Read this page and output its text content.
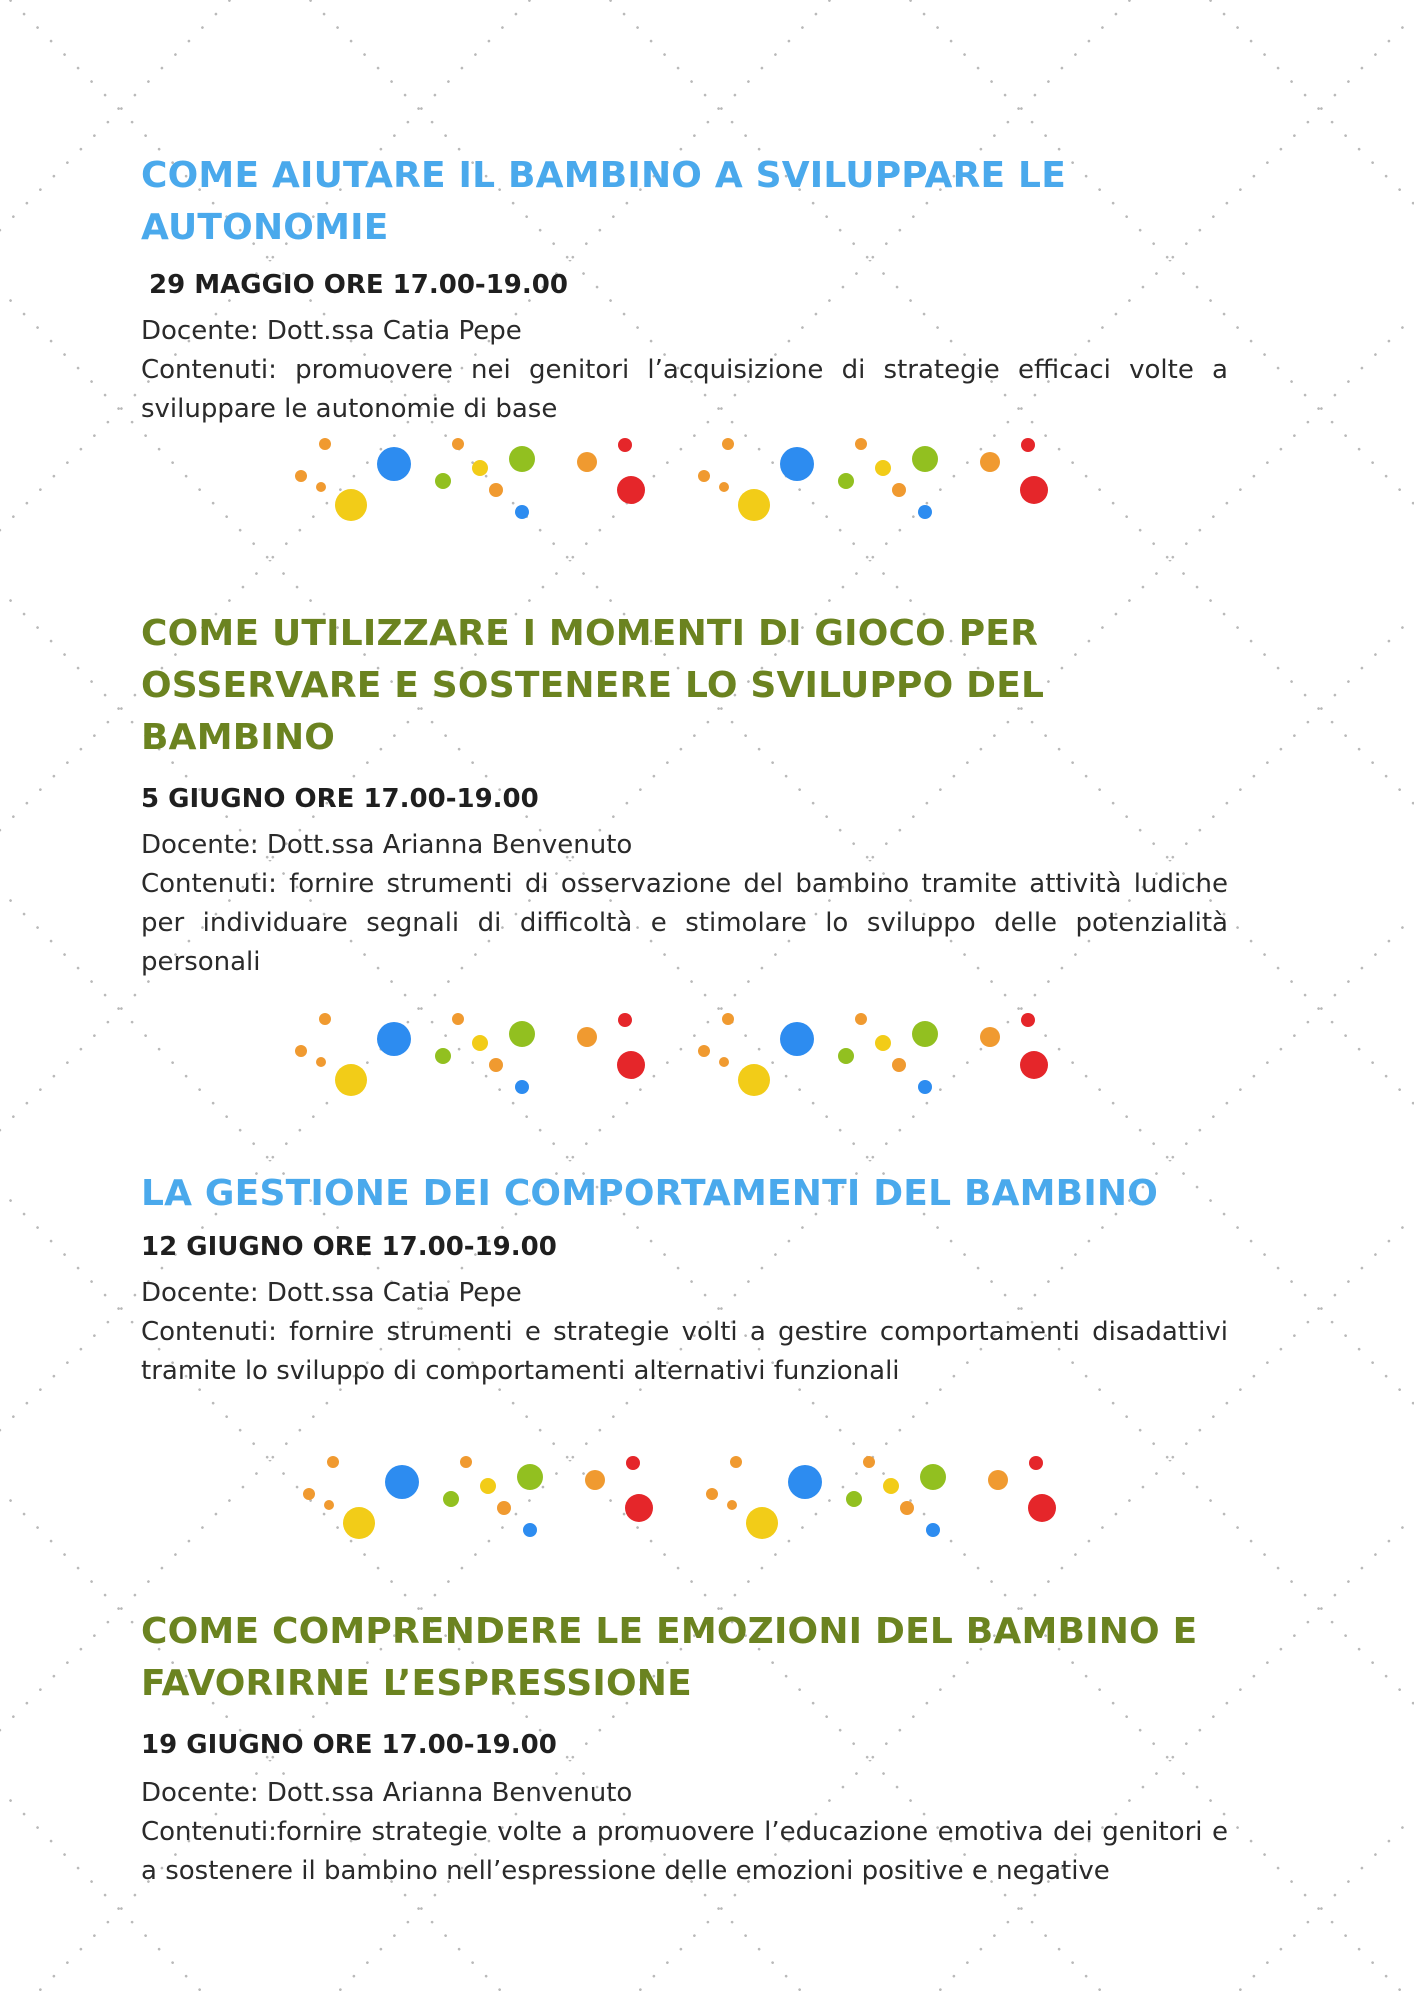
COME AIUTARE IL BAMBINO A SVILUPPARE LE AUTONOMIE
29 MAGGIO ORE 17.00-19.00
Docente: Dott.ssa Catia Pepe
Contenuti: promuovere nei genitori l’acquisizione di strategie efficaci volte a sviluppare le autonomie di base
COME UTILIZZARE I MOMENTI DI GIOCO PER OSSERVARE E SOSTENERE LO SVILUPPO DEL BAMBINO
5 GIUGNO ORE 17.00-19.00
Docente: Dott.ssa Arianna Benvenuto
Contenuti: fornire strumenti di osservazione del bambino tramite attività ludiche per individuare segnali di difficoltà e stimolare lo sviluppo delle potenzialità personali
LA GESTIONE DEI COMPORTAMENTI DEL BAMBINO
12 GIUGNO ORE 17.00-19.00
Docente: Dott.ssa Catia Pepe
Contenuti: fornire strumenti e strategie volti a gestire comportamenti disadattivi tramite lo sviluppo di comportamenti alternativi funzionali
COME COMPRENDERE LE EMOZIONI DEL BAMBINO E FAVORIRNE L’ESPRESSIONE
19 GIUGNO ORE 17.00-19.00
Docente: Dott.ssa Arianna Benvenuto
Contenuti:fornire strategie volte a promuovere l’educazione emotiva dei genitori e a sostenere il bambino nell’espressione delle emozioni positive e negative
